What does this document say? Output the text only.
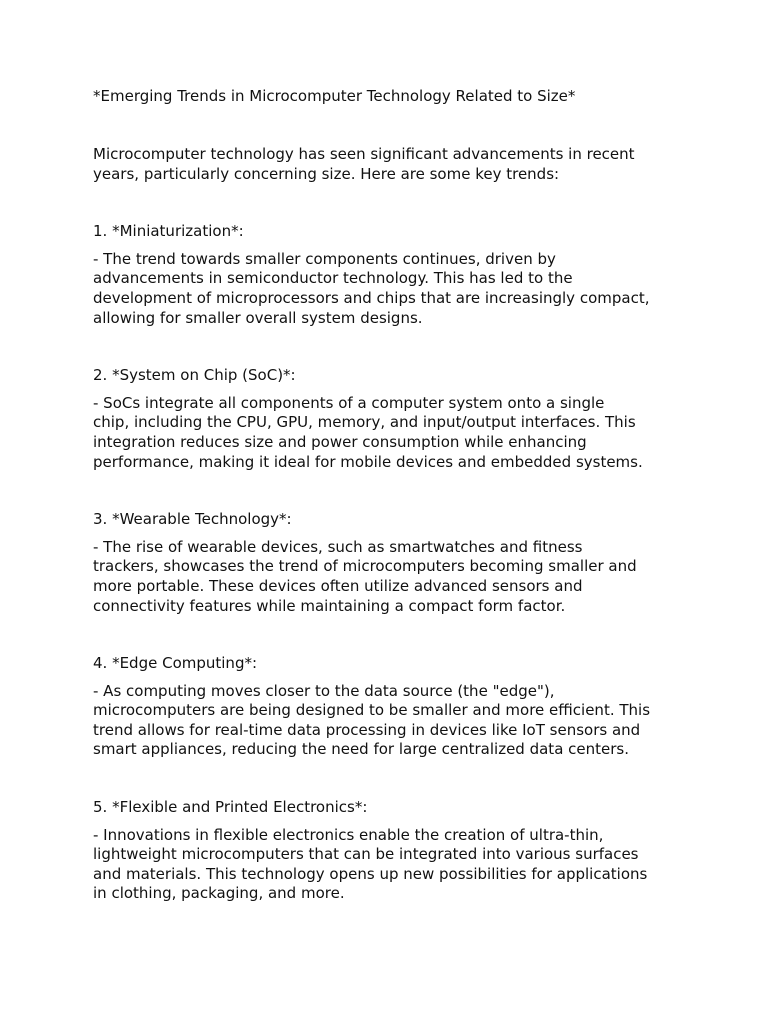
*Emerging Trends in Microcomputer Technology Related to Size*

Microcomputer technology has seen significant advancements in recent
years, particularly concerning size. Here are some key trends:

1. *Miniaturization*:

- The trend towards smaller components continues, driven by
advancements in semiconductor technology. This has led to the
development of microprocessors and chips that are increasingly compact,
allowing for smaller overall system designs.

2. *System on Chip (SoC)*:

- SoCs integrate all components of a computer system onto a single
chip, including the CPU, GPU, memory, and input/output interfaces. This
integration reduces size and power consumption while enhancing
performance, making it ideal for mobile devices and embedded systems.

3. *Wearable Technology*:

- The rise of wearable devices, such as smartwatches and fitness
trackers, showcases the trend of microcomputers becoming smaller and
more portable. These devices often utilize advanced sensors and
connectivity features while maintaining a compact form factor.

4. *Edge Computing*:

- As computing moves closer to the data source (the "edge"),
microcomputers are being designed to be smaller and more efficient. This
trend allows for real-time data processing in devices like IoT sensors and
smart appliances, reducing the need for large centralized data centers.

5. *Flexible and Printed Electronics*:

- Innovations in flexible electronics enable the creation of ultra-thin,
lightweight microcomputers that can be integrated into various surfaces
and materials. This technology opens up new possibilities for applications
in clothing, packaging, and more.
